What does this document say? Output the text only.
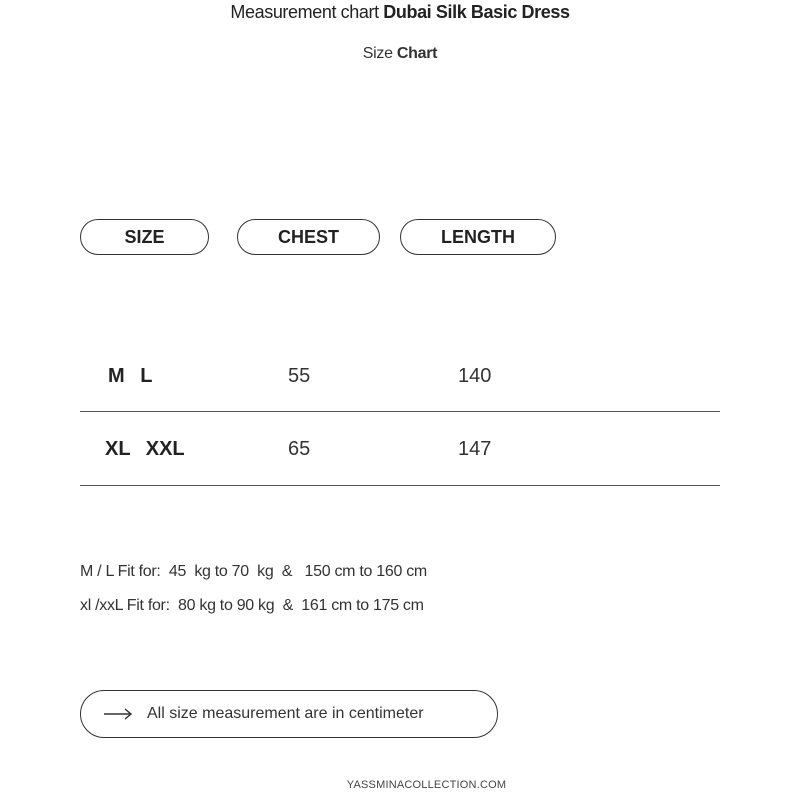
Measurement chart Dubai Silk Basic Dress
Size Chart
SIZE	CHEST	LENGTH
M L	55	140
XL XXL	65	147
M / L Fit for:  45  kg to 70  kg  &   150 cm to 160 cm
xl /xxL Fit for:  80 kg to 90 kg  &  161 cm to 175 cm
All size measurement are in centimeter
YASSMINACOLLECTION.COM
